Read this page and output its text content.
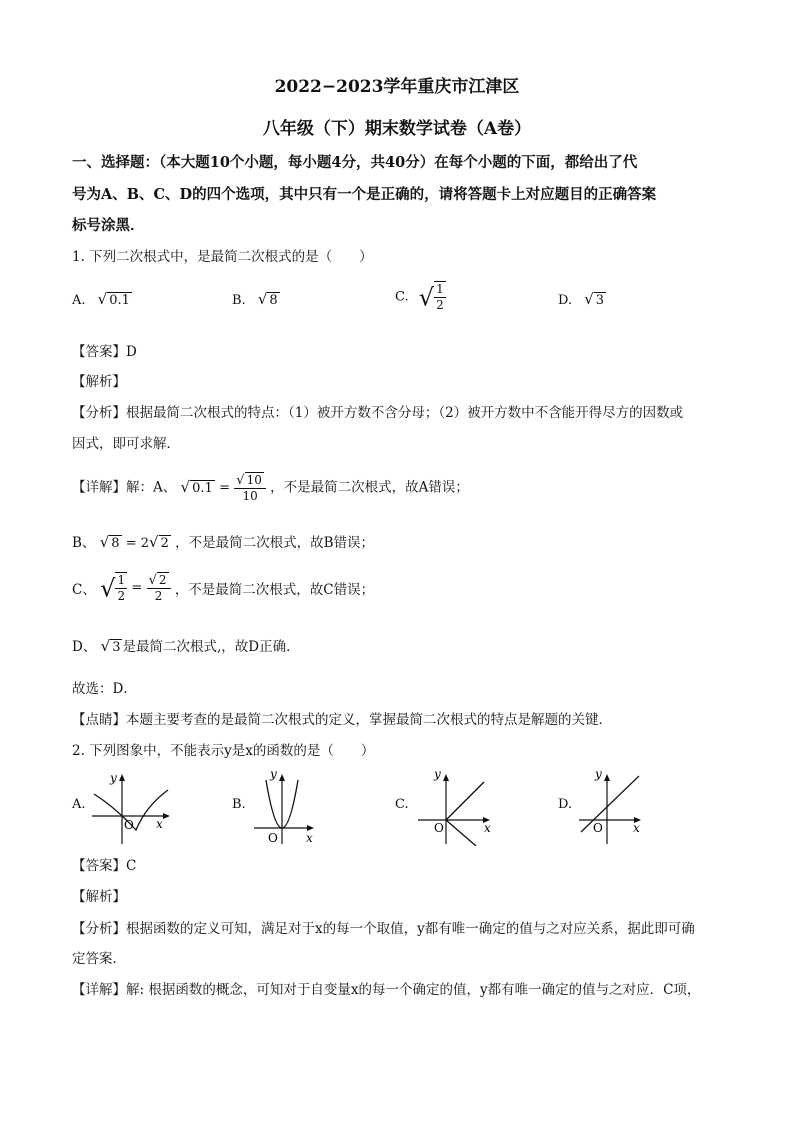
2022−2023学年重庆市江津区
八年级（下）期末数学试卷（A卷）
一、选择题：（本大题10个小题，每小题4分，共40分）在每个小题的下面，都给出了代
号为A、B、C、D的四个选项，其中只有一个是正确的，请将答题卡上对应题目的正确答案
标号涂黑．
1. 下列二次根式中，是最简二次根式的是（　　）
A. √ 0.1	B. √ 8	C. √ $\frac{1}{2}$	D. √ 3
【答案】D
【解析】
【分析】根据最简二次根式的特点：（1）被开方数不含分母；（2）被开方数中不含能开得尽方的因数或
因式，即可求解．
【详解】解：A、 √ $0.1 = \frac{√ 10}{10}$ ，不是最简二次根式，故A错误；
B、 √ 8 = 2√ 2 ，不是最简二次根式，故B错误；
C、 √ $\frac{1}{2} = \frac{√ 2}{2}$ ，不是最简二次根式，故C错误；
D、 √ 3 是最简二次根式,，故D正确．
故选：D．
【点睛】本题主要考查的是最简二次根式的定义，掌握最简二次根式的特点是解题的关键．
2. 下列图象中，不能表示y是x的函数的是（　　）
A.
y
x
O
B.
y
x
O
C.
y
x
O
D.
y
x
O
【答案】C
【解析】
【分析】根据函数的定义可知，满足对于x的每一个取值，y都有唯一确定的值与之对应关系，据此即可确
定答案．
【详解】解: 根据函数的概念，可知对于自变量x的每一个确定的值，y都有唯一确定的值与之对应．C项，
